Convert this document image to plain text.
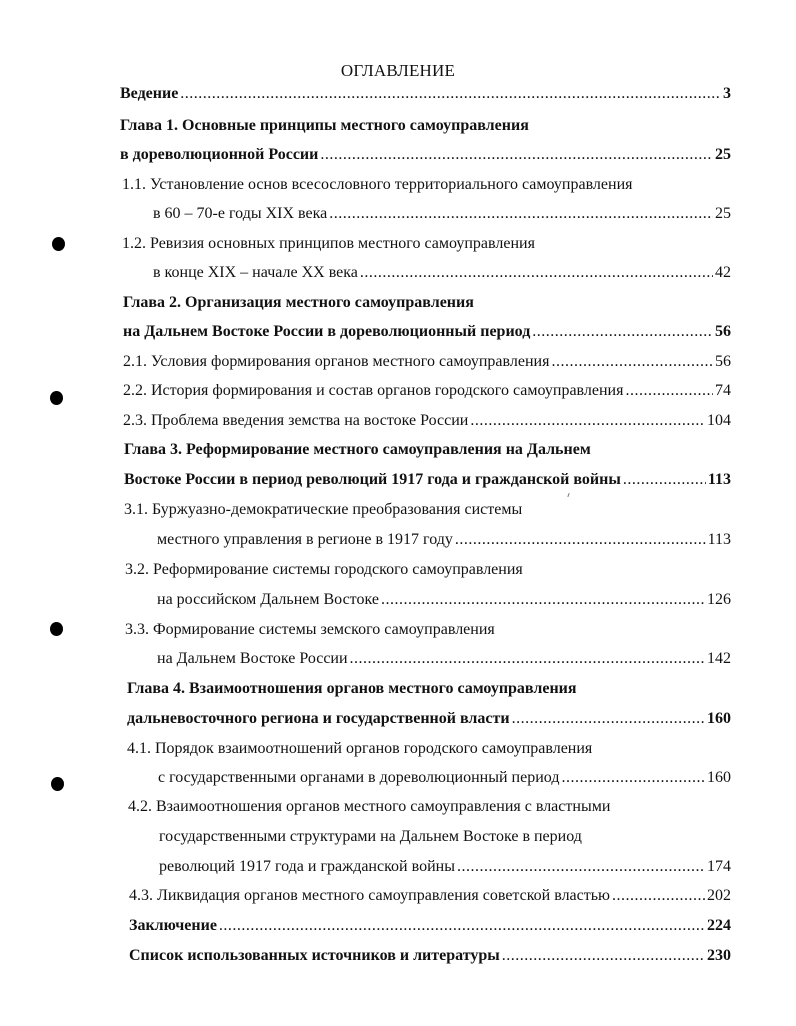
ОГЛАВЛЕНИЕ
Ведение .....	3
Глава 1. Основные принципы местного самоуправления
в дореволюционной России .....	25
1.1. Установление основ всесословного территориального самоуправления
в 60 – 70-е годы XIX века .....	25
1.2. Ревизия основных принципов местного самоуправления
в конце XIX – начале XX века .....	42
Глава 2. Организация местного самоуправления
на Дальнем Востоке России в дореволюционный период .....	56
2.1. Условия формирования органов местного самоуправления .....	56
2.2. История формирования и состав органов городского самоуправления .....	74
2.3. Проблема введения земства на востоке России .....	104
Глава 3. Реформирование местного самоуправления на Дальнем
Востоке России в период революций 1917 года и гражданской войны .....	113
3.1. Буржуазно-демократические преобразования системы
местного управления в регионе в 1917 году .....	113
3.2. Реформирование системы городского самоуправления
на российском Дальнем Востоке .....	126
3.3. Формирование системы земского самоуправления
на Дальнем Востоке России .....	142
Глава 4. Взаимоотношения органов местного самоуправления
дальневосточного региона и государственной власти .....	160
4.1. Порядок взаимоотношений органов городского самоуправления
с государственными органами в дореволюционный период .....	160
4.2. Взаимоотношения органов местного самоуправления с властными
государственными структурами на Дальнем Востоке в период
революций 1917 года и гражданской войны .....	174
4.3. Ликвидация органов местного самоуправления советской властью .....	202
Заключение .....	224
Список использованных источников и литературы .....	230
